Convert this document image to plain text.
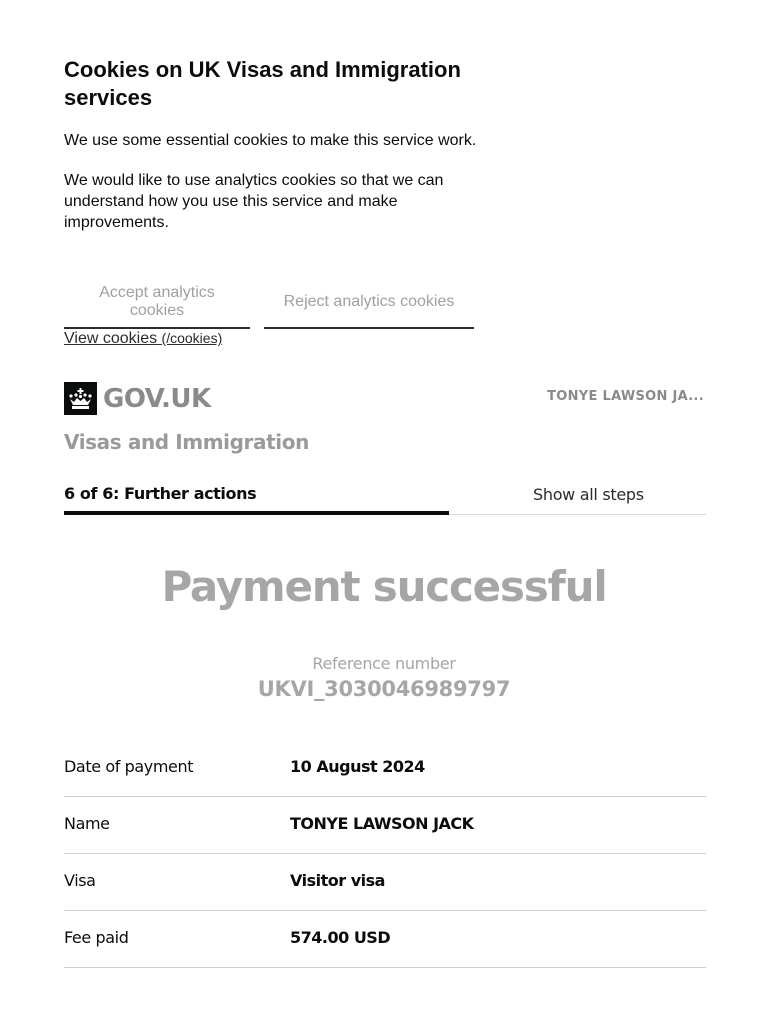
Cookies on UK Visas and Immigration services

We use some essential cookies to make this service work.

We would like to use analytics cookies so that we can understand how you use this service and make improvements.

Accept analytics cookies
Reject analytics cookies
View cookies (/cookies)
GOV.UK	TONYE LAWSON JA...
Visas and Immigration
6 of 6: Further actions	Show all steps
Payment successful
Reference number
UKVI_3030046989797
Date of payment	10 August 2024
Name	TONYE LAWSON JACK
Visa	Visitor visa
Fee paid	574.00 USD
